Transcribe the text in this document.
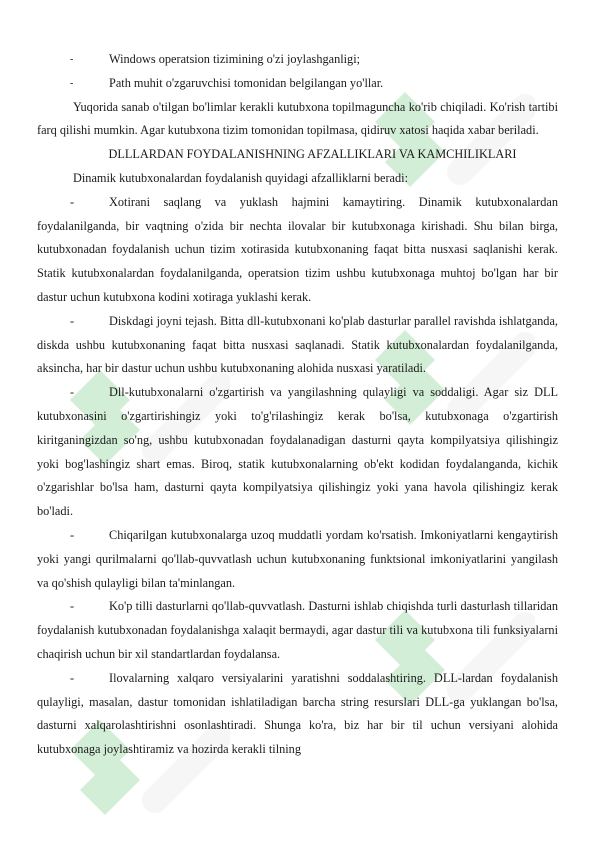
-	Windows operatsion tizimining o'zi joylashganligi;

-	Path muhit o'zgaruvchisi tomonidan belgilangan yo'llar.

Yuqorida sanab o'tilgan bo'limlar kerakli kutubxona topilmaguncha ko'rib chiqiladi. Ko'rish tartibi farq qilishi mumkin. Agar kutubxona tizim tomonidan topilmasa, qidiruv xatosi haqida xabar beriladi.

DLLLARDAN FOYDALANISHNING AFZALLIKLARI VA KAMCHILIKLARI

Dinamik kutubxonalardan foydalanish quyidagi afzalliklarni beradi:

-	Xotirani saqlang va yuklash hajmini kamaytiring. Dinamik kutubxonalardan foydalanilganda, bir vaqtning o'zida bir nechta ilovalar bir kutubxonaga kirishadi. Shu bilan birga, kutubxonadan foydalanish uchun tizim xotirasida kutubxonaning faqat bitta nusxasi saqlanishi kerak. Statik kutubxonalardan foydalanilganda, operatsion tizim ushbu kutubxonaga muhtoj bo'lgan har bir dastur uchun kutubxona kodini xotiraga yuklashi kerak.

-	Diskdagi joyni tejash. Bitta dll-kutubxonani ko'plab dasturlar parallel ravishda ishlatganda, diskda ushbu kutubxonaning faqat bitta nusxasi saqlanadi. Statik kutubxonalardan foydalanilganda, aksincha, har bir dastur uchun ushbu kutubxonaning alohida nusxasi yaratiladi.

-	Dll-kutubxonalarni o'zgartirish va yangilashning qulayligi va soddaligi. Agar siz DLL kutubxonasini o'zgartirishingiz yoki to'g'rilashingiz kerak bo'lsa, kutubxonaga o'zgartirish kiritganingizdan so'ng, ushbu kutubxonadan foydalanadigan dasturni qayta kompilyatsiya qilishingiz yoki bog'lashingiz shart emas. Biroq, statik kutubxonalarning ob'ekt kodidan foydalanganda, kichik o'zgarishlar bo'lsa ham, dasturni qayta kompilyatsiya qilishingiz yoki yana havola qilishingiz kerak bo'ladi.

-	Chiqarilgan kutubxonalarga uzoq muddatli yordam ko'rsatish. Imkoniyatlarni kengaytirish yoki yangi qurilmalarni qo'llab-quvvatlash uchun kutubxonaning funktsional imkoniyatlarini yangilash va qo'shish qulayligi bilan ta'minlangan.

-	Ko'p tilli dasturlarni qo'llab-quvvatlash. Dasturni ishlab chiqishda turli dasturlash tillaridan foydalanish kutubxonadan foydalanishga xalaqit bermaydi, agar dastur tili va kutubxona tili funksiyalarni chaqirish uchun bir xil standartlardan foydalansa.

-	Ilovalarning xalqaro versiyalarini yaratishni soddalashtiring. DLL-lardan foydalanish qulayligi, masalan, dastur tomonidan ishlatiladigan barcha string resurslari DLL-ga yuklangan bo'lsa, dasturni xalqarolashtirishni osonlashtiradi. Shunga ko'ra, biz har bir til uchun versiyani alohida kutubxonaga joylashtiramiz va hozirda kerakli tilning
